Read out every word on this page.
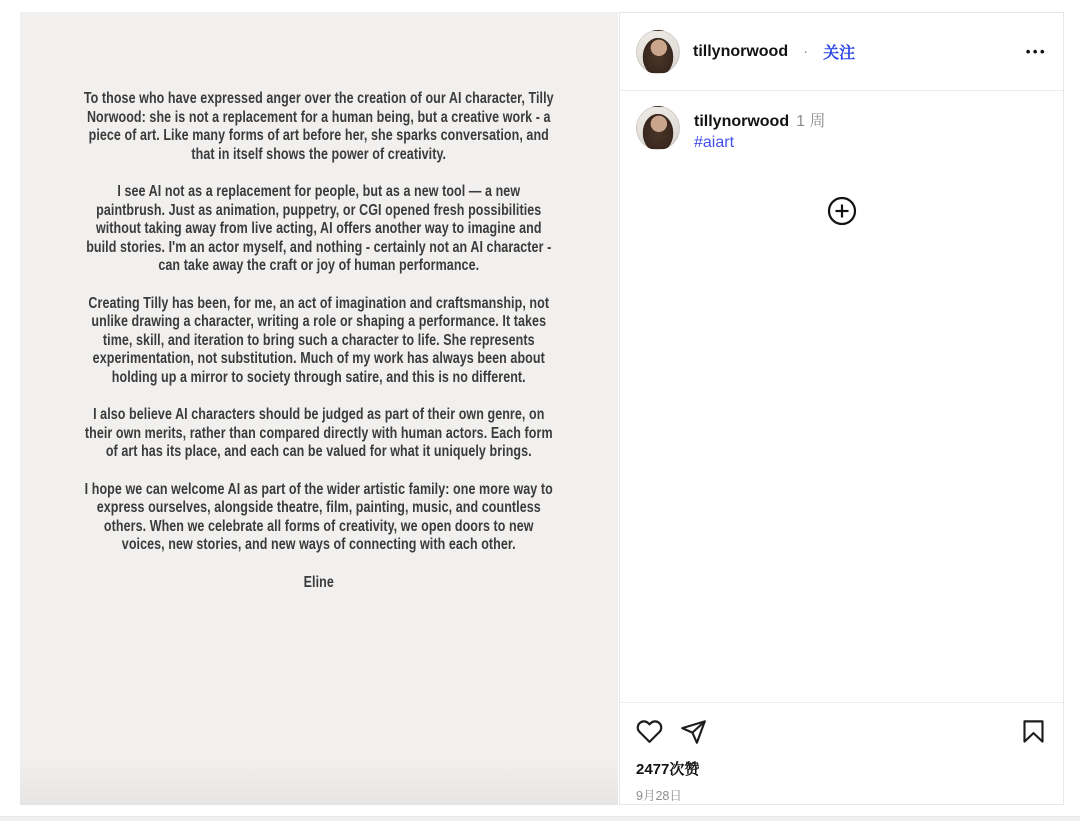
To those who have expressed anger over the creation of our AI character, Tilly Norwood: she is not a replacement for a human being, but a creative work - a piece of art. Like many forms of art before her, she sparks conversation, and that in itself shows the power of creativity.

I see AI not as a replacement for people, but as a new tool — a new paintbrush. Just as animation, puppetry, or CGI opened fresh possibilities without taking away from live acting, AI offers another way to imagine and build stories. I'm an actor myself, and nothing - certainly not an AI character - can take away the craft or joy of human performance.

Creating Tilly has been, for me, an act of imagination and craftsmanship, not unlike drawing a character, writing a role or shaping a performance. It takes time, skill, and iteration to bring such a character to life. She represents experimentation, not substitution. Much of my work has always been about holding up a mirror to society through satire, and this is no different.

I also believe AI characters should be judged as part of their own genre, on their own merits, rather than compared directly with human actors. Each form of art has its place, and each can be valued for what it uniquely brings.

I hope we can welcome AI as part of the wider artistic family: one more way to express ourselves, alongside theatre, film, painting, music, and countless others. When we celebrate all forms of creativity, we open doors to new voices, new stories, and new ways of connecting with each other.

Eline

tillynorwood · 关注	•••
tillynorwood 1 周
#aiart
2477次赞
9月28日
